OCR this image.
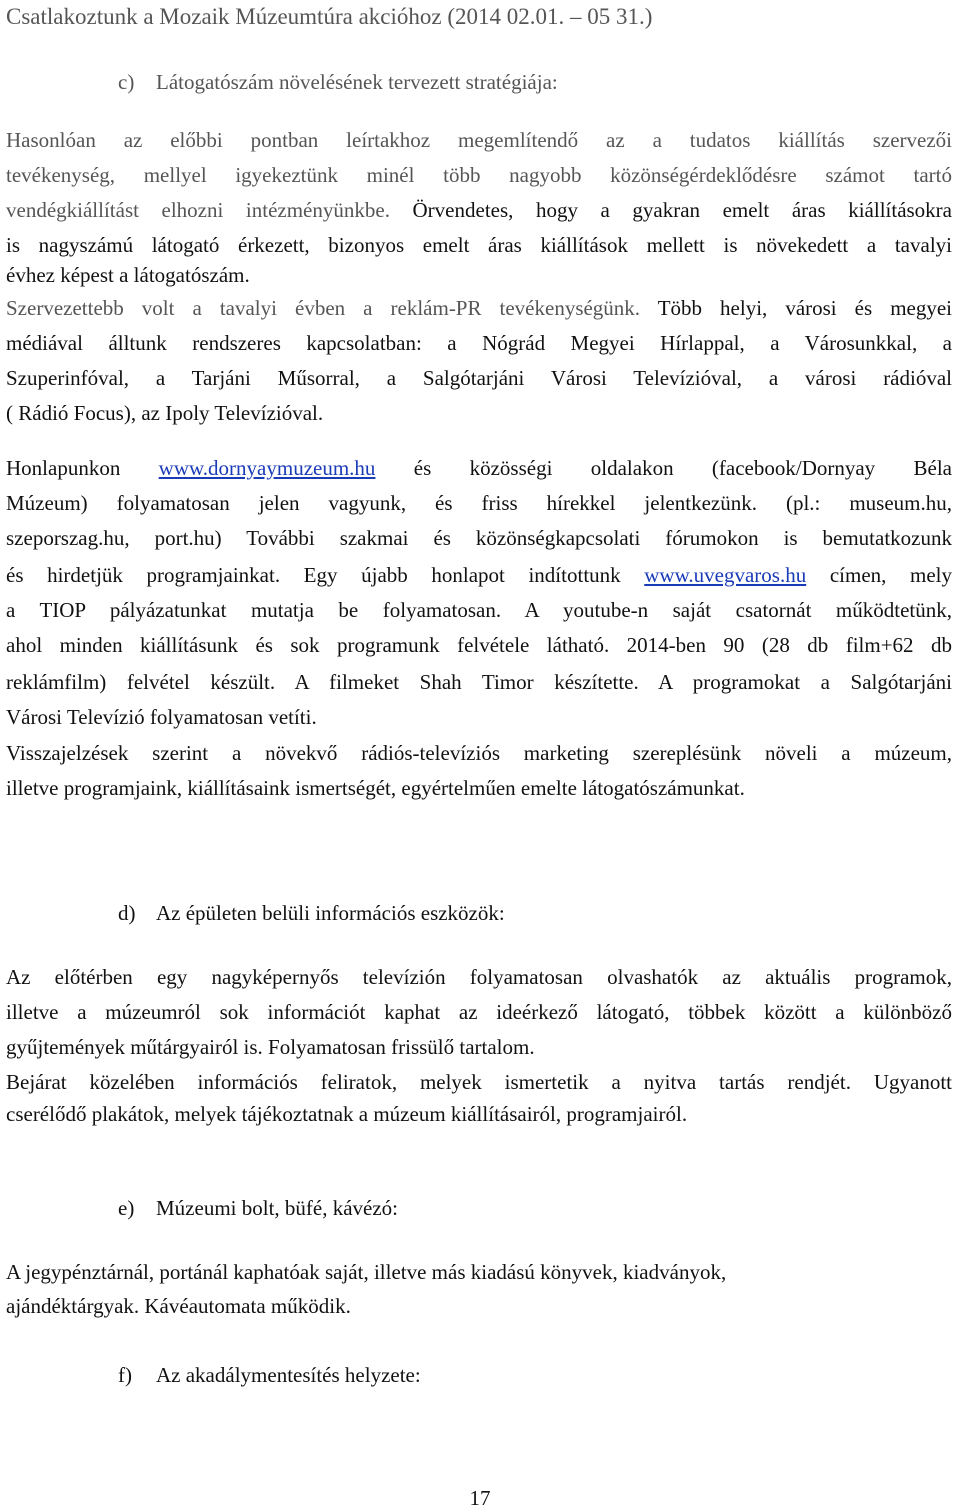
Csatlakoztunk a Mozaik Múzeumtúra akcióhoz (2014 02.01. – 05 31.)
c) Látogatószám növelésének tervezett stratégiája:
Hasonlóan az előbbi pontban leírtakhoz megemlítendő az a tudatos kiállítás szervezői
tevékenység, mellyel igyekeztünk minél több nagyobb közönségérdeklődésre számot tartó
vendégkiállítást elhozni intézményünkbe. Örvendetes, hogy a gyakran emelt áras kiállításokra
is nagyszámú látogató érkezett, bizonyos emelt áras kiállítások mellett is növekedett a tavalyi
évhez képest a látogatószám.
Szervezettebb volt a tavalyi évben a reklám-PR tevékenységünk. Több helyi, városi és megyei
médiával álltunk rendszeres kapcsolatban: a Nógrád Megyei Hírlappal, a Városunkkal, a
Szuperinfóval, a Tarjáni Műsorral, a Salgótarjáni Városi Televízióval, a városi rádióval
( Rádió Focus), az Ipoly Televízióval.
Honlapunkon www.dornyaymuzeum.hu és közösségi oldalakon (facebook/Dornyay Béla
Múzeum) folyamatosan jelen vagyunk, és friss hírekkel jelentkezünk. (pl.: museum.hu,
szeporszag.hu, port.hu) További szakmai és közönségkapcsolati fórumokon is bemutatkozunk
és hirdetjük programjainkat. Egy újabb honlapot indítottunk www.uvegvaros.hu címen, mely
a TIOP pályázatunkat mutatja be folyamatosan. A youtube-n saját csatornát működtetünk,
ahol minden kiállításunk és sok programunk felvétele látható. 2014-ben 90 (28 db film+62 db
reklámfilm) felvétel készült. A filmeket Shah Timor készítette. A programokat a Salgótarjáni
Városi Televízió folyamatosan vetíti.
Visszajelzések szerint a növekvő rádiós-televíziós marketing szereplésünk növeli a múzeum,
illetve programjaink, kiállításaink ismertségét, egyértelműen emelte látogatószámunkat.
d) Az épületen belüli információs eszközök:
Az előtérben egy nagyképernyős televízión folyamatosan olvashatók az aktuális programok,
illetve a múzeumról sok információt kaphat az ideérkező látogató, többek között a különböző
gyűjtemények műtárgyairól is. Folyamatosan frissülő tartalom.
Bejárat közelében információs feliratok, melyek ismertetik a nyitva tartás rendjét. Ugyanott
cserélődő plakátok, melyek tájékoztatnak a múzeum kiállításairól, programjairól.
e) Múzeumi bolt, büfé, kávézó:
A jegypénztárnál, portánál kaphatóak saját, illetve más kiadású könyvek, kiadványok,
ajándéktárgyak. Kávéautomata működik.
f) Az akadálymentesítés helyzete:
17
